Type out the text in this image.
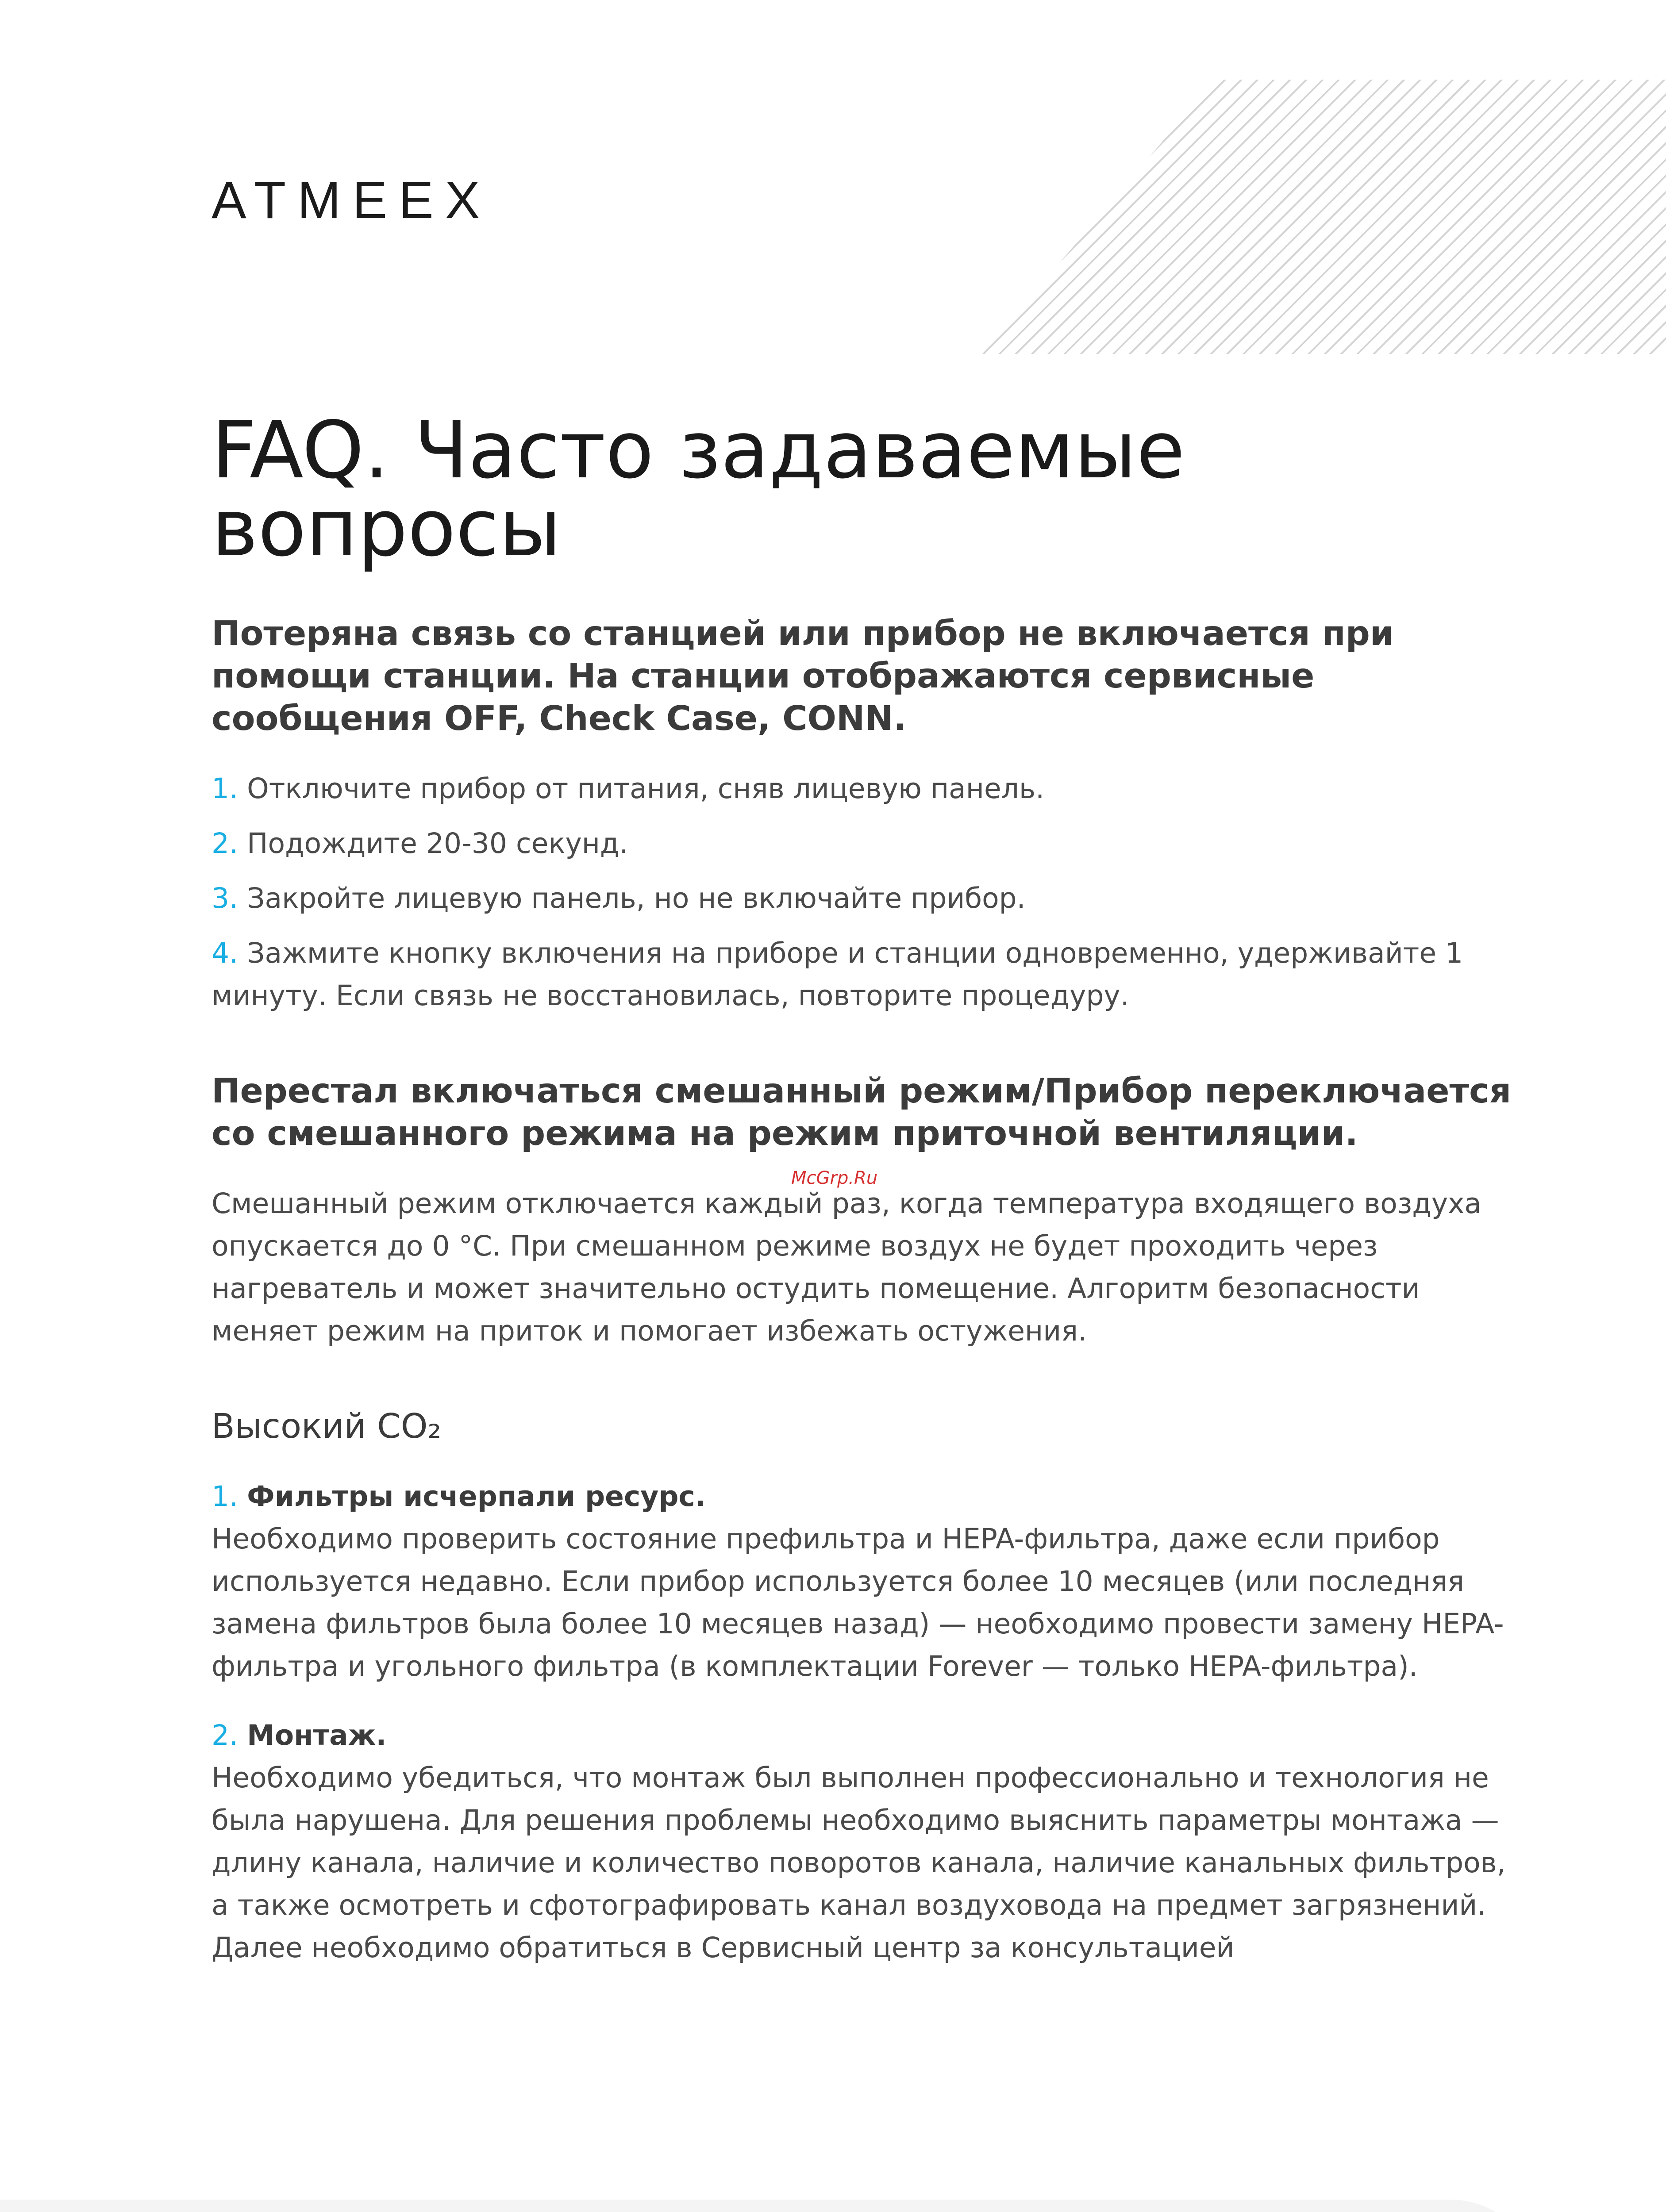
ATMEEX
FAQ. Часто задаваемые вопросы
Потеряна связь со станцией или прибор не включается при помощи станции. На станции отображаются сервисные сообщения OFF, Check Case, CONN.
1. Отключите прибор от питания, сняв лицевую панель.
2. Подождите 20-30 секунд.
3. Закройте лицевую панель, но не включайте прибор.
4. Зажмите кнопку включения на приборе и станции одновременно, удерживайте 1 минуту. Если связь не восстановилась, повторите процедуру.
Перестал включаться смешанный режим/Прибор переключается со смешанного режима на режим приточной вентиляции.
Смешанный режим отключается каждый раз, когда температура входящего воздуха опускается до 0 °С. При смешанном режиме воздух не будет проходить через нагреватель и может значительно остудить помещение. Алгоритм безопасности меняет режим на приток и помогает избежать остужения.
Высокий CO₂
1. Фильтры исчерпали ресурс.
Необходимо проверить состояние префильтра и HEPA-фильтра, даже если прибор используется недавно. Если прибор используется более 10 месяцев (или последняя замена фильтров была более 10 месяцев назад) — необходимо провести замену HEPA-фильтра и угольного фильтра (в комплектации Forever — только HEPA-фильтра).
2. Монтаж.
Необходимо убедиться, что монтаж был выполнен профессионально и технология не была нарушена. Для решения проблемы необходимо выяснить параметры монтажа — длину канала, наличие и количество поворотов канала, наличие канальных фильтров, а также осмотреть и сфотографировать канал воздуховода на предмет загрязнений. Далее необходимо обратиться в Сервисный центр за консультацией
McGrp.Ru
